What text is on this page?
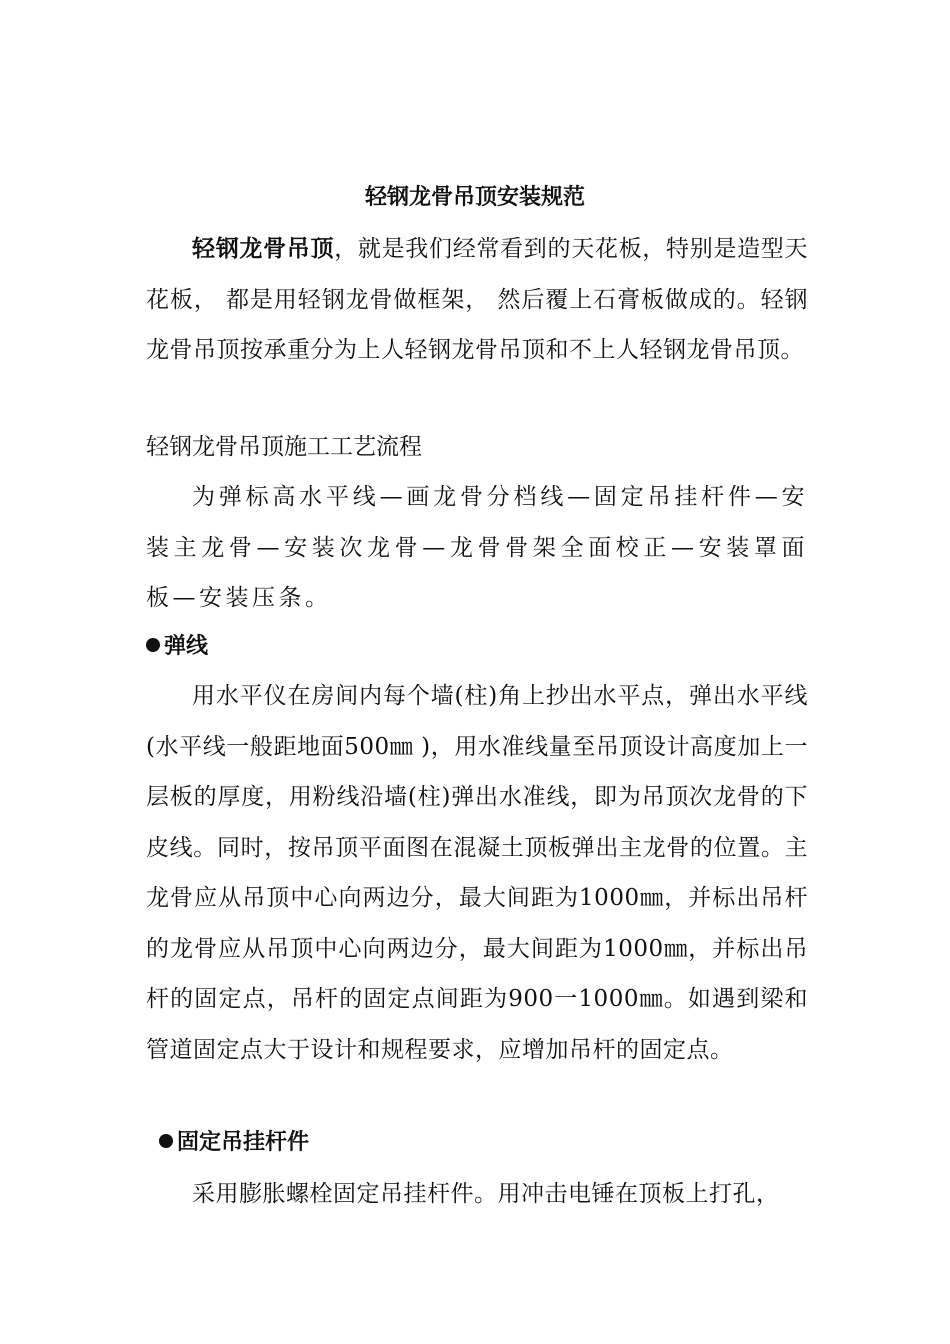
轻钢龙骨吊顶安装规范
轻钢龙骨吊顶，就是我们经常看到的天花板，特别是造型天花板， 都是用轻钢龙骨做框架， 然后覆上石膏板做成的。轻钢龙骨吊顶按承重分为上人轻钢龙骨吊顶和不上人轻钢龙骨吊顶。
轻钢龙骨吊顶施工工艺流程
为弹标高水平线—画龙骨分档线—固定吊挂杆件—安装主龙骨—安装次龙骨—龙骨骨架全面校正—安装罩面板—安装压条。
弹线
用水平仪在房间内每个墙(柱)角上抄出水平点，弹出水平线(水平线一般距地面500㎜ )，用水准线量至吊顶设计高度加上一层板的厚度，用粉线沿墙(柱)弹出水准线，即为吊顶次龙骨的下皮线。同时，按吊顶平面图在混凝土顶板弹出主龙骨的位置。主龙骨应从吊顶中心向两边分，最大间距为1000㎜，并标出吊杆的龙骨应从吊顶中心向两边分，最大间距为1000㎜，并标出吊杆的固定点，吊杆的固定点间距为900一1000㎜。如遇到梁和管道固定点大于设计和规程要求，应增加吊杆的固定点。
固定吊挂杆件
采用膨胀螺栓固定吊挂杆件。用冲击电锤在顶板上打孔，
